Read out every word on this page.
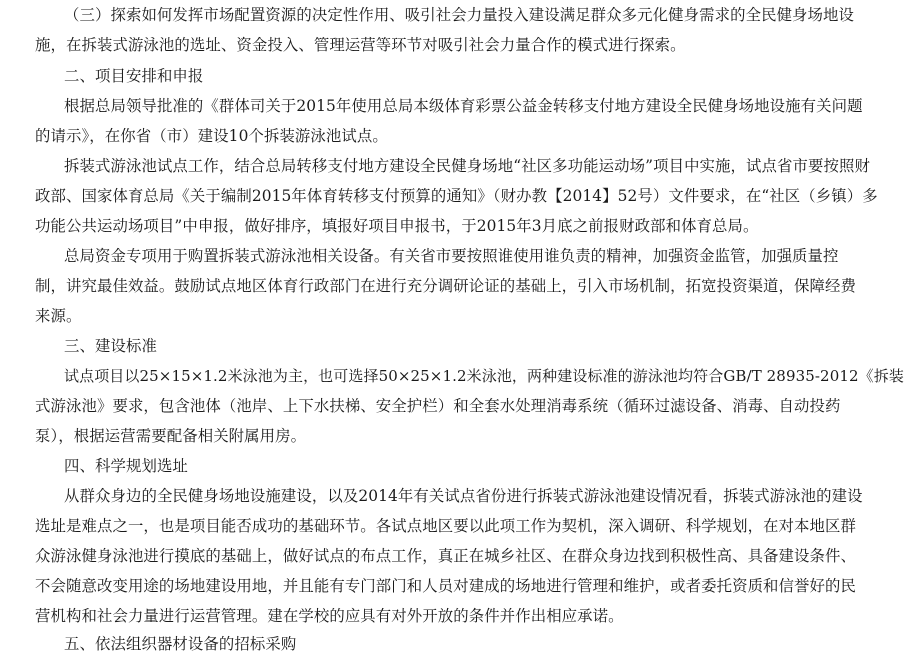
（三）探索如何发挥市场配置资源的决定性作用、吸引社会力量投入建设满足群众多元化健身需求的全民健身场地设
施，在拆装式游泳池的选址、资金投入、管理运营等环节对吸引社会力量合作的模式进行探索。
二、项目安排和申报
根据总局领导批准的《群体司关于2015年使用总局本级体育彩票公益金转移支付地方建设全民健身场地设施有关问题
的请示》，在你省（市）建设10个拆装游泳池试点。
拆装式游泳池试点工作，结合总局转移支付地方建设全民健身场地“社区多功能运动场”项目中实施，试点省市要按照财
政部、国家体育总局《关于编制2015年体育转移支付预算的通知》（财办教【2014】52号）文件要求，在“社区（乡镇）多
功能公共运动场项目”中申报，做好排序，填报好项目申报书，于2015年3月底之前报财政部和体育总局。
总局资金专项用于购置拆装式游泳池相关设备。有关省市要按照谁使用谁负责的精神，加强资金监管，加强质量控
制，讲究最佳效益。鼓励试点地区体育行政部门在进行充分调研论证的基础上，引入市场机制，拓宽投资渠道，保障经费
来源。
三、建设标准
试点项目以25×15×1.2米泳池为主，也可选择50×25×1.2米泳池，两种建设标准的游泳池均符合GB/T 28935-2012《拆装
式游泳池》要求，包含池体（池岸、上下水扶梯、安全护栏）和全套水处理消毒系统（循环过滤设备、消毒、自动投药
泵），根据运营需要配备相关附属用房。
四、科学规划选址
从群众身边的全民健身场地设施建设，以及2014年有关试点省份进行拆装式游泳池建设情况看，拆装式游泳池的建设
选址是难点之一，也是项目能否成功的基础环节。各试点地区要以此项工作为契机，深入调研、科学规划，在对本地区群
众游泳健身泳池进行摸底的基础上，做好试点的布点工作，真正在城乡社区、在群众身边找到积极性高、具备建设条件、
不会随意改变用途的场地建设用地，并且能有专门部门和人员对建成的场地进行管理和维护，或者委托资质和信誉好的民
营机构和社会力量进行运营管理。建在学校的应具有对外开放的条件并作出相应承诺。
五、依法组织器材设备的招标采购
